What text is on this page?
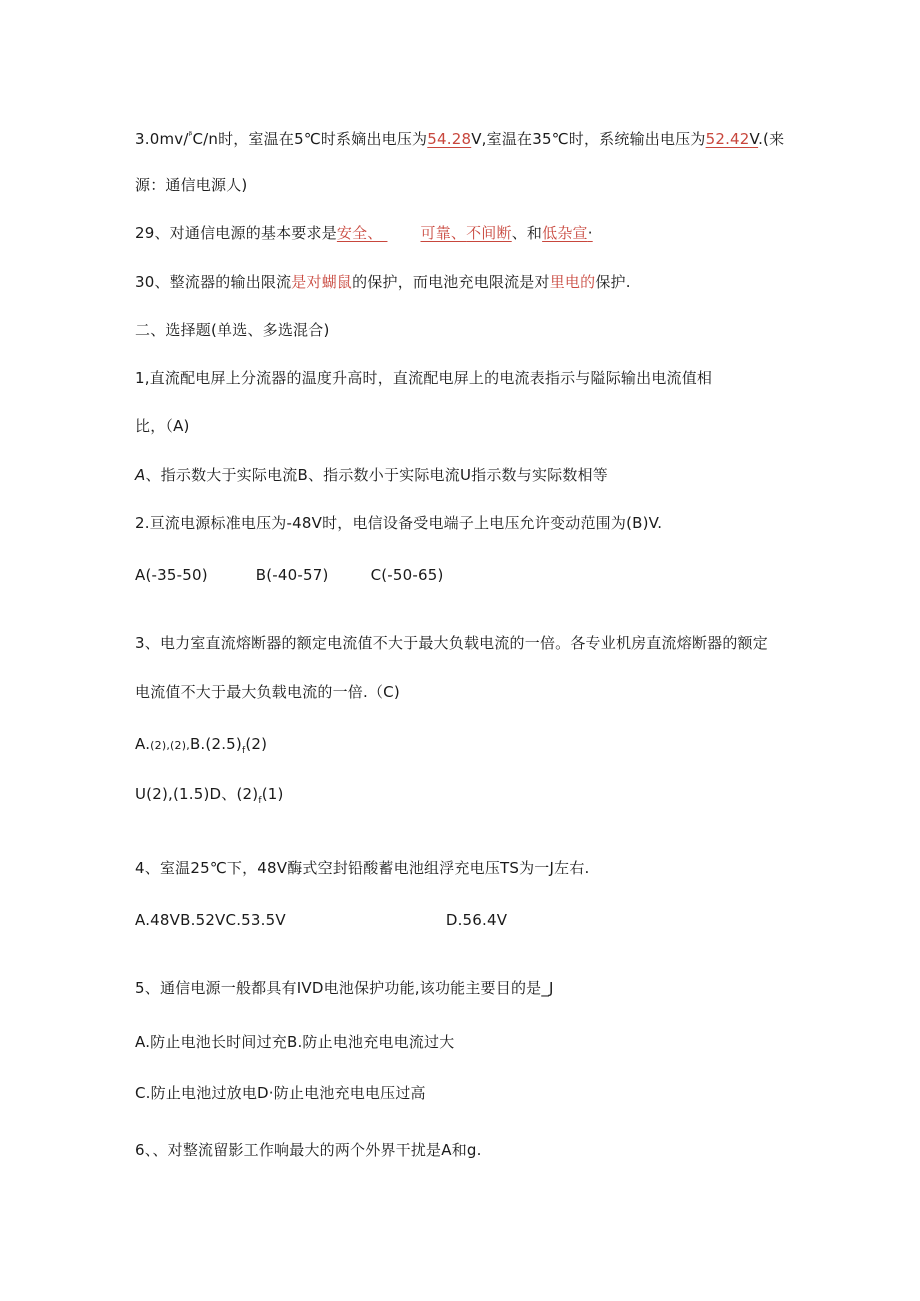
3.0mv/$^ᵝ$C/n时，室温在5℃时系嫡出电压为54.28V,室温在35℃时，系统输出电压为52.42V.(来
源：通信电源人)
29、对通信电源的基本要求是安全、	可靠、不间断、和低杂宣·
30、整流器的输出限流是对蝴鼠的保护，而电池充电限流是对里电的保护.
二、选择题(单选、多选混合)
1,直流配电屏上分流器的温度升高时，直流配电屏上的电流表指示与隘际输出电流值相
比，（A)
A、指示数大于实际电流B、指示数小于实际电流U指示数与实际数相等
2.亘流电源标准电压为-48V时，电信设备受电端子上电压允许变动范围为(B)V.
A(-35-50)	B(-40-57)	C(-50-65)
3、电力室直流熔断器的额定电流值不大于最大负载电流的一倍。各专业机房直流熔断器的额定
电流值不大于最大负载电流的一倍.（C)
$A.(2),(2),B.(2.5)_f(2)$
U(2),(1.5)D、$(2)_f(1)$
4、室温25℃下，48V酶式空封铅酸蓄电池组浮充电压TS为一J左右.
A.48VB.52VC.53.5V	D.56.4V
5、通信电源一般都具有IVD电池保护功能,该功能主要目的是_J
A.防止电池长时间过充B.防止电池充电电流过大
C.防止电池过放电D·防止电池充电电压过高
6、、对整流留影工作响最大的两个外界干扰是A和g.
